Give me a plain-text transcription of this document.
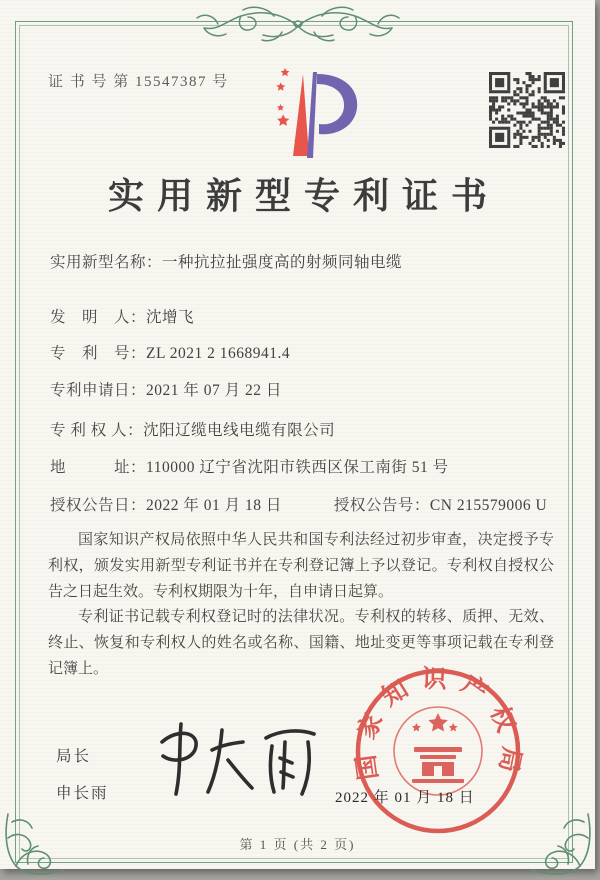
证 书 号 第 15547387 号
实用新型专利证书
实用新型名称：一种抗拉扯强度高的射频同轴电缆
发　明　人：沈增飞
专　利　号：ZL 2021 2 1668941.4
专利申请日：2021 年 07 月 22 日
专 利 权 人：沈阳辽缆电线电缆有限公司
地　　　址：110000 辽宁省沈阳市铁西区保工南街 51 号
授权公告日：2022 年 01 月 18 日	授权公告号：CN 215579006 U

国家知识产权局依照中华人民共和国专利法经过初步审查，决定授予专利权，颁发实用新型专利证书并在专利登记簿上予以登记。专利权自授权公告之日起生效。专利权期限为十年，自申请日起算。

专利证书记载专利权登记时的法律状况。专利权的转移、质押、无效、终止、恢复和专利权人的姓名或名称、国籍、地址变更等事项记载在专利登记簿上。

局长
申长雨
国家知识产权局
2022 年 01 月 18 日
第 1 页 (共 2 页)
